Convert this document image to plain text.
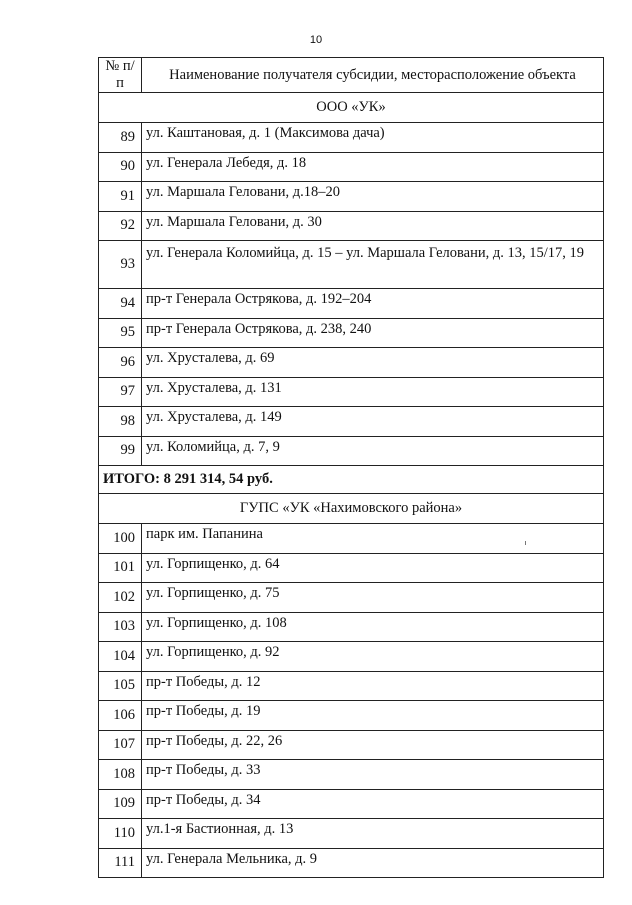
10
№ п/п	Наименование получателя субсидии, месторасположение объекта
ООО «УК»	
89	ул. Каштановая, д. 1 (Максимова дача)
90	ул. Генерала Лебедя, д. 18
91	ул. Маршала Геловани, д.18–20
92	ул. Маршала Геловани, д. 30
93	ул. Генерала Коломийца, д. 15 – ул. Маршала Геловани, д. 13, 15/17, 19
94	пр-т Генерала Острякова, д. 192–204
95	пр-т Генерала Острякова, д. 238, 240
96	ул. Хрусталева, д. 69
97	ул. Хрусталева, д. 131
98	ул. Хрусталева, д. 149
99	ул. Коломийца, д. 7, 9
ИТОГО: 8 291 314, 54 руб.	
ГУПС «УК «Нахимовского района»	
100	парк им. Папанина
101	ул. Горпищенко, д. 64
102	ул. Горпищенко, д. 75
103	ул. Горпищенко, д. 108
104	ул. Горпищенко, д. 92
105	пр-т Победы, д. 12
106	пр-т Победы, д. 19
107	пр-т Победы, д. 22, 26
108	пр-т Победы, д. 33
109	пр-т Победы, д. 34
110	ул.1-я Бастионная, д. 13
111	ул. Генерала Мельника, д. 9
